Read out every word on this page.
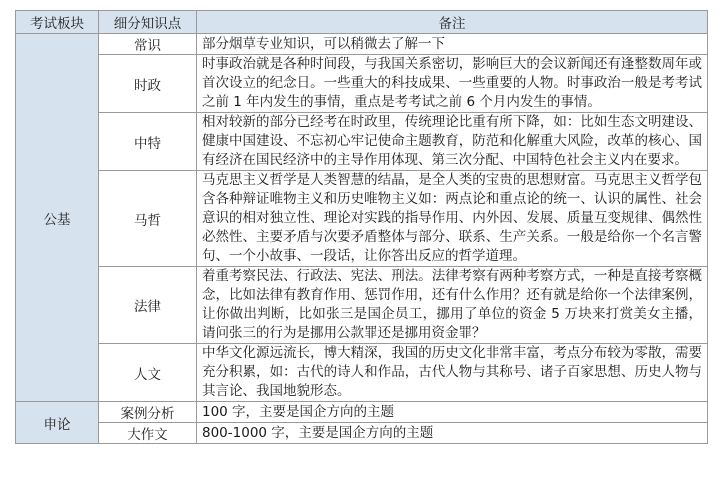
考试板块	细分知识点	备注
公基	常识	部分烟草专业知识，可以稍微去了解一下
	时政	时事政治就是各种时间段，与我国关系密切，影响巨大的会议新闻还有逢整数周年或首次设立的纪念日。一些重大的科技成果、一些重要的人物。时事政治一般是考考试之前 1 年内发生的事情，重点是考考试之前 6 个月内发生的事情。
	中特	相对较新的部分已经考在时政里，传统理论比重有所下降，如：比如生态文明建设、健康中国建设、不忘初心牢记使命主题教育，防范和化解重大风险，改革的核心、国有经济在国民经济中的主导作用体现、第三次分配、中国特色社会主义内在要求。
	马哲	马克思主义哲学是人类智慧的结晶，是全人类的宝贵的思想财富。马克思主义哲学包含各种辩证唯物主义和历史唯物主义如：两点论和重点论的统一、认识的属性、社会意识的相对独立性、理论对实践的指导作用、内外因、发展、质量互变规律、偶然性必然性、主要矛盾与次要矛盾整体与部分、联系、生产关系。一般是给你一个名言警句、一个小故事、一段话，让你答出反应的哲学道理。
	法律	着重考察民法、行政法、宪法、刑法。法律考察有两种考察方式，一种是直接考察概念，比如法律有教育作用、惩罚作用，还有什么作用？还有就是给你一个法律案例，让你做出判断，比如张三是国企员工，挪用了单位的资金 5 万块来打赏美女主播，请问张三的行为是挪用公款罪还是挪用资金罪？
	人文	中华文化源远流长，博大精深，我国的历史文化非常丰富，考点分布较为零散，需要充分积累，如：古代的诗人和作品，古代人物与其称号、诸子百家思想、历史人物与其言论、我国地貌形态。
申论	案例分析	100 字，主要是国企方向的主题
	大作文	800-1000 字，主要是国企方向的主题
